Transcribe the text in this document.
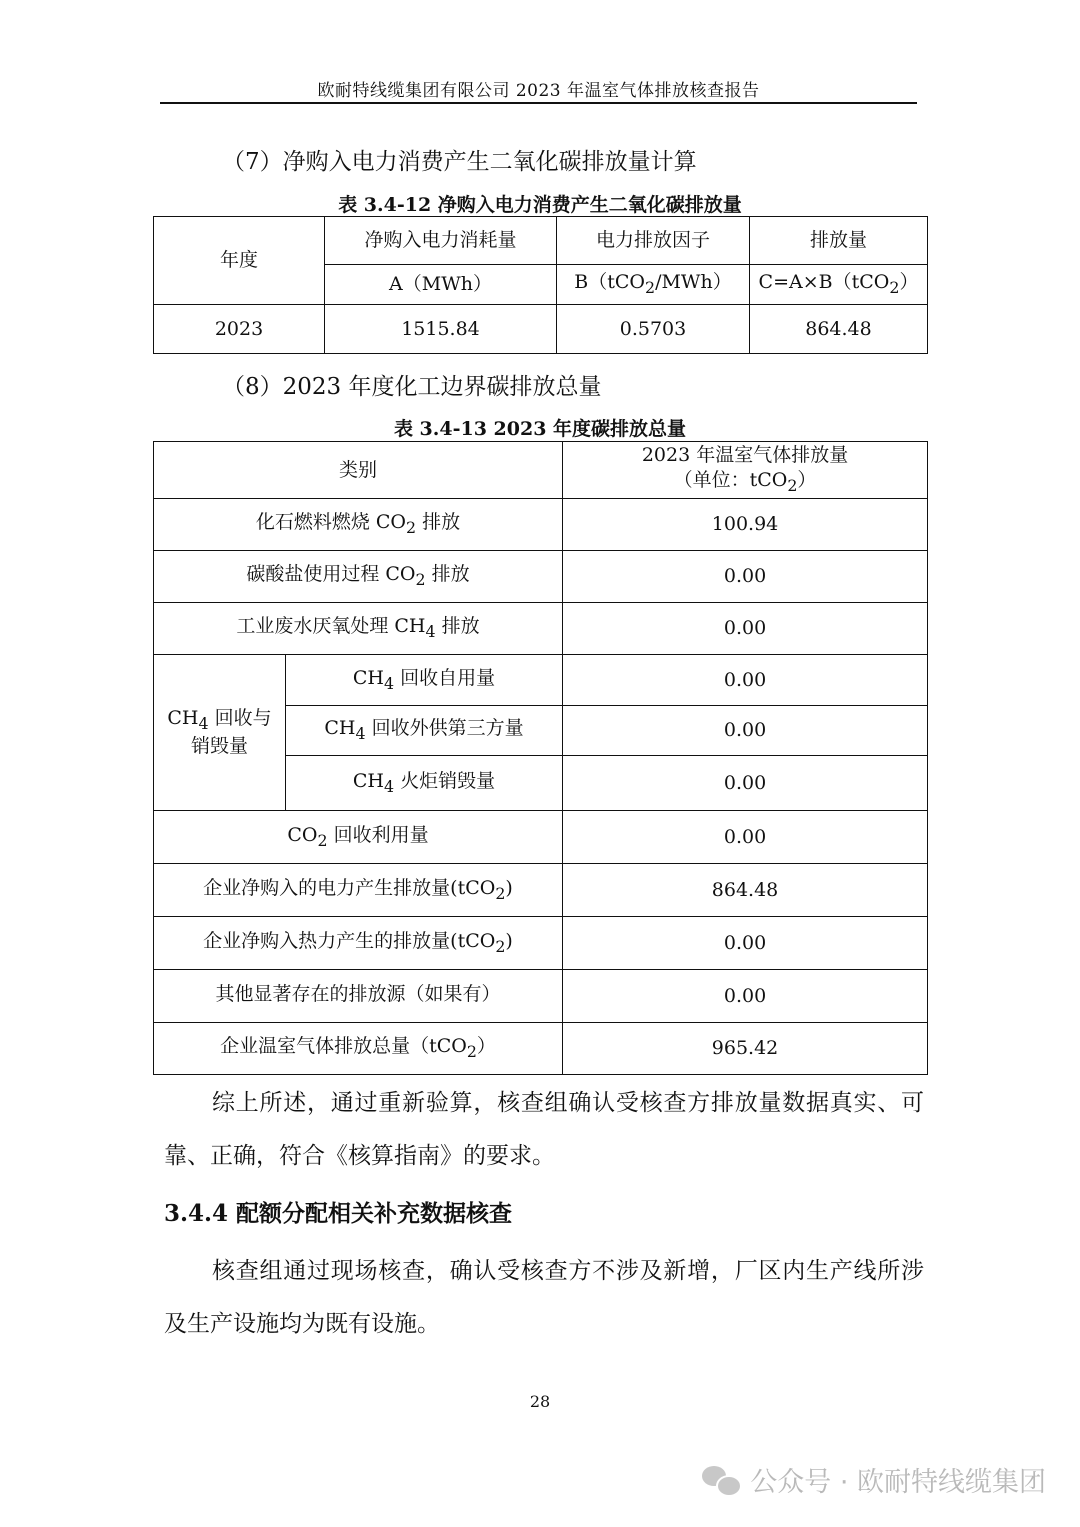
欧耐特线缆集团有限公司 2023 年温室气体排放核查报告
（7）净购入电力消费产生二氧化碳排放量计算
表 3.4-12 净购入电力消费产生二氧化碳排放量
年度	净购入电力消耗量	电力排放因子	排放量
	A（MWh）	B（tCO$_2$/MWh）	C=A×B（tCO$_2$）
2023	1515.84	0.5703	864.48
（8）2023 年度化工边界碳排放总量
表 3.4-13 2023 年度碳排放总量
类别		2023 年温室气体排放量
（单位：tCO$_2$）

化石燃料燃烧 $CO_2$ 排放		100.94
碳酸盐使用过程 $CO_2$ 排放		0.00
工业废水厌氧处理 $CH_4$ 排放		0.00

$CH_4$ 回收与
销毁量	$CH_4$ 回收自用量	0.00
	$CH_4$ 回收外供第三方量	0.00
	$CH_4$ 火炬销毁量	0.00
$CO_2$ 回收利用量		0.00
企业净购入的电力产生排放量(tCO$_2$)		864.48
企业净购入热力产生的排放量(tCO$_2$)		0.00
其他显著存在的排放源（如果有）		0.00
企业温室气体排放总量（tCO$_2$）		965.42
综上所述，通过重新验算，核查组确认受核查方排放量数据真实、可靠、正确，符合《核算指南》的要求。
3.4.4 配额分配相关补充数据核查
核查组通过现场核查，确认受核查方不涉及新增，厂区内生产线所涉及生产设施均为既有设施。
28
公众号 · 欧耐特线缆集团
